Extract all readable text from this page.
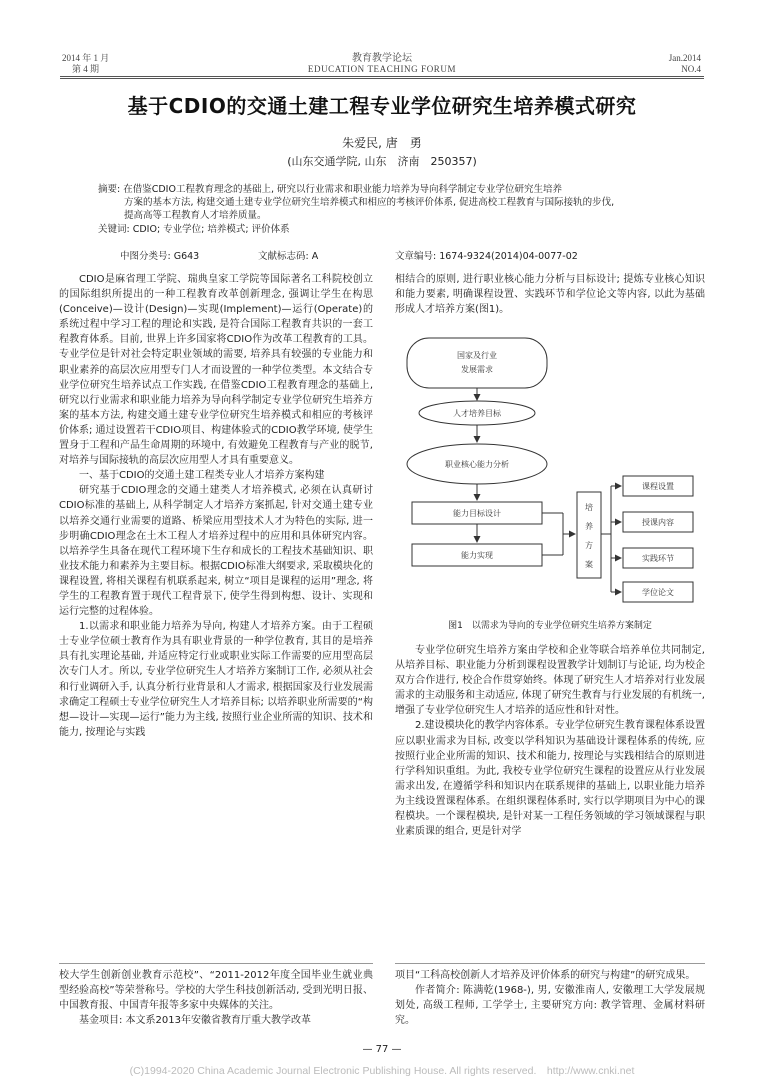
2014 年 1 月
第 4 期
教育教学论坛
EDUCATION TEACHING FORUM
Jan.2014
NO.4
基于CDIO的交通土建工程专业学位研究生培养模式研究
朱爱民, 唐　勇
(山东交通学院, 山东　济南　250357)

摘要: 在借鉴CDIO工程教育理念的基础上, 研究以行业需求和职业能力培养为导向科学制定专业学位研究生培养

方案的基本方法, 构建交通土建专业学位研究生培养模式和相应的考核评价体系, 促进高校工程教育与国际接轨的步伐,

提高高等工程教育人才培养质量。

关键词: CDIO; 专业学位; 培养模式; 评价体系

中图分类号: G643	文献标志码: A	文章编号: 1674-9324(2014)04-0077-02

CDIO是麻省理工学院、瑞典皇家工学院等国际著名工科院校创立的国际组织所提出的一种工程教育改革创新理念, 强调让学生在构思(Conceive)—设计(Design)—实现(Implement)—运行(Operate)的系统过程中学习工程的理论和实践, 是符合国际工程教育共识的一套工程教育体系。目前, 世界上许多国家将CDIO作为改革工程教育的工具。专业学位是针对社会特定职业领域的需要, 培养具有较强的专业能力和职业素养的高层次应用型专门人才而设置的一种学位类型。本文结合专业学位研究生培养试点工作实践, 在借鉴CDIO工程教育理念的基础上, 研究以行业需求和职业能力培养为导向科学制定专业学位研究生培养方案的基本方法, 构建交通土建专业学位研究生培养模式和相应的考核评价体系; 通过设置若干CDIO项目、构建体验式的CDIO教学环境, 使学生置身于工程和产品生命周期的环境中, 有效避免工程教育与产业的脱节, 对培养与国际接轨的高层次应用型人才具有重要意义。

一、基于CDIO的交通土建工程类专业人才培养方案构建

研究基于CDIO理念的交通土建类人才培养模式, 必须在认真研讨CDIO标准的基础上, 从科学制定人才培养方案抓起, 针对交通土建专业以培养交通行业需要的道路、桥梁应用型技术人才为特色的实际, 进一步明确CDIO理念在土木工程人才培养过程中的应用和具体研究内容。以培养学生具备在现代工程环境下生存和成长的工程技术基础知识、职业技术能力和素养为主要目标。根据CDIO标准大纲要求, 采取模块化的课程设置, 将相关课程有机联系起来, 树立“项目是课程的运用”理念, 将学生的工程教育置于现代工程背景下, 使学生得到构想、设计、实现和运行完整的过程体验。

1.以需求和职业能力培养为导向, 构建人才培养方案。由于工程硕士专业学位硕士教育作为具有职业背景的一种学位教育, 其目的是培养具有扎实理论基础, 并适应特定行业或职业实际工作需要的应用型高层次专门人才。所以, 专业学位研究生人才培养方案制订工作, 必须从社会和行业调研入手, 认真分析行业背景和人才需求, 根据国家及行业发展需求确定工程硕士专业学位研究生人才培养目标; 以培养职业所需要的“构想—设计—实现—运行”能力为主线, 按照行业企业所需的知识、技术和能力, 按理论与实践

相结合的原则, 进行职业核心能力分析与目标设计; 提炼专业核心知识和能力要素, 明确课程设置、实践环节和学位论文等内容, 以此为基础形成人才培养方案(图1)。

国家及行业
发展需求
人才培养目标
职业核心能力分析
能力目标设计
能力实现
培
养
方
案
课程设置
授课内容
实践环节
学位论文
图1　以需求为导向的专业学位研究生培养方案制定

专业学位研究生培养方案由学校和企业等联合培养单位共同制定, 从培养目标、职业能力分析到课程设置教学计划制订与论证, 均为校企双方合作进行, 校企合作贯穿始终。体现了研究生人才培养对行业发展需求的主动服务和主动适应, 体现了研究生教育与行业发展的有机统一, 增强了专业学位研究生人才培养的适应性和针对性。

2.建设模块化的教学内容体系。专业学位研究生教育课程体系设置应以职业需求为目标, 改变以学科知识为基础设计课程体系的传统, 应按照行业企业所需的知识、技术和能力, 按理论与实践相结合的原则进行学科知识重组。为此, 我校专业学位研究生课程的设置应从行业发展需求出发, 在遵循学科和知识内在联系规律的基础上, 以职业能力培养为主线设置课程体系。在组织课程体系时, 实行以学期项目为中心的课程模块。一个课程模块, 是针对某一工程任务领域的学习领域课程与职业素质课的组合, 更是针对学

校大学生创新创业教育示范校”、“2011-2012年度全国毕业生就业典型经验高校”等荣誉称号。学校的大学生科技创新活动, 受到光明日报、中国教育报、中国青年报等多家中央媒体的关注。

基金项目: 本文系2013年安徽省教育厅重大教学改革

项目“工科高校创新人才培养及评价体系的研究与构建”的研究成果。

作者简介: 陈满乾(1968-), 男, 安徽淮南人, 安徽理工大学发展规划处, 高级工程师, 工学学士, 主要研究方向: 教学管理、金属材料研究。

— 77 —
(C)1994-2020 China Academic Journal Electronic Publishing House. All rights reserved.　http://www.cnki.net
